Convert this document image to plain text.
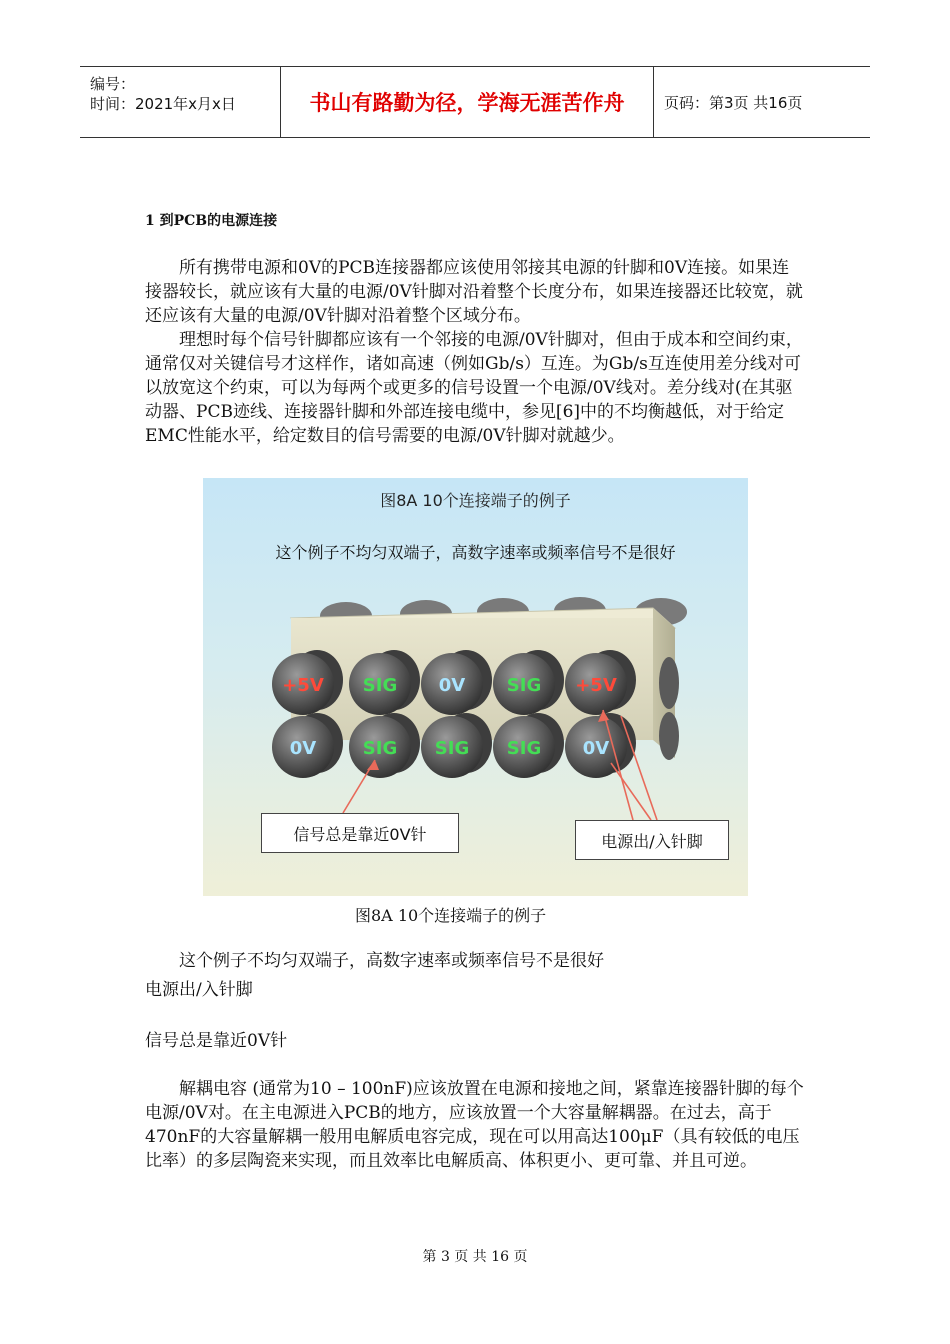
编号：
时间：2021年x月x日	书山有路勤为径，学海无涯苦作舟	页码：第3页 共16页
1 到PCB的电源连接

所有携带电源和0V的PCB连接器都应该使用邻接其电源的针脚和0V连接。如果连接器较长，就应该有大量的电源/0V针脚对沿着整个长度分布，如果连接器还比较宽，就还应该有大量的电源/0V针脚对沿着整个区域分布。

理想时每个信号针脚都应该有一个邻接的电源/0V针脚对，但由于成本和空间约束，通常仅对关键信号才这样作，诸如高速（例如Gb/s）互连。为Gb/s互连使用差分线对可以放宽这个约束，可以为每两个或更多的信号设置一个电源/0V线对。差分线对(在其驱动器、PCB迹线、连接器针脚和外部连接电缆中，参见[6]中的不均衡越低，对于给定EMC性能水平，给定数目的信号需要的电源/0V针脚对就越少。

+5V SIG 0V SIG +5V
0V	SIG SIG SIG 0V
图8A 10个连接端子的例子
这个例子不均匀双端子，高数字速率或频率信号不是很好
信号总是靠近0V针	电源出/入针脚
图8A 10个连接端子的例子

这个例子不均匀双端子，高数字速率或频率信号不是很好

电源出/入针脚
信号总是靠近0V针

解耦电容 (通常为10 – 100nF)应该放置在电源和接地之间，紧靠连接器针脚的每个电源/0V对。在主电源进入PCB的地方，应该放置一个大容量解耦器。在过去，高于470nF的大容量解耦一般用电解质电容完成，现在可以用高达100μF（具有较低的电压比率）的多层陶瓷来实现，而且效率比电解质高、体积更小、更可靠、并且可逆。

第 3 页 共 16 页
